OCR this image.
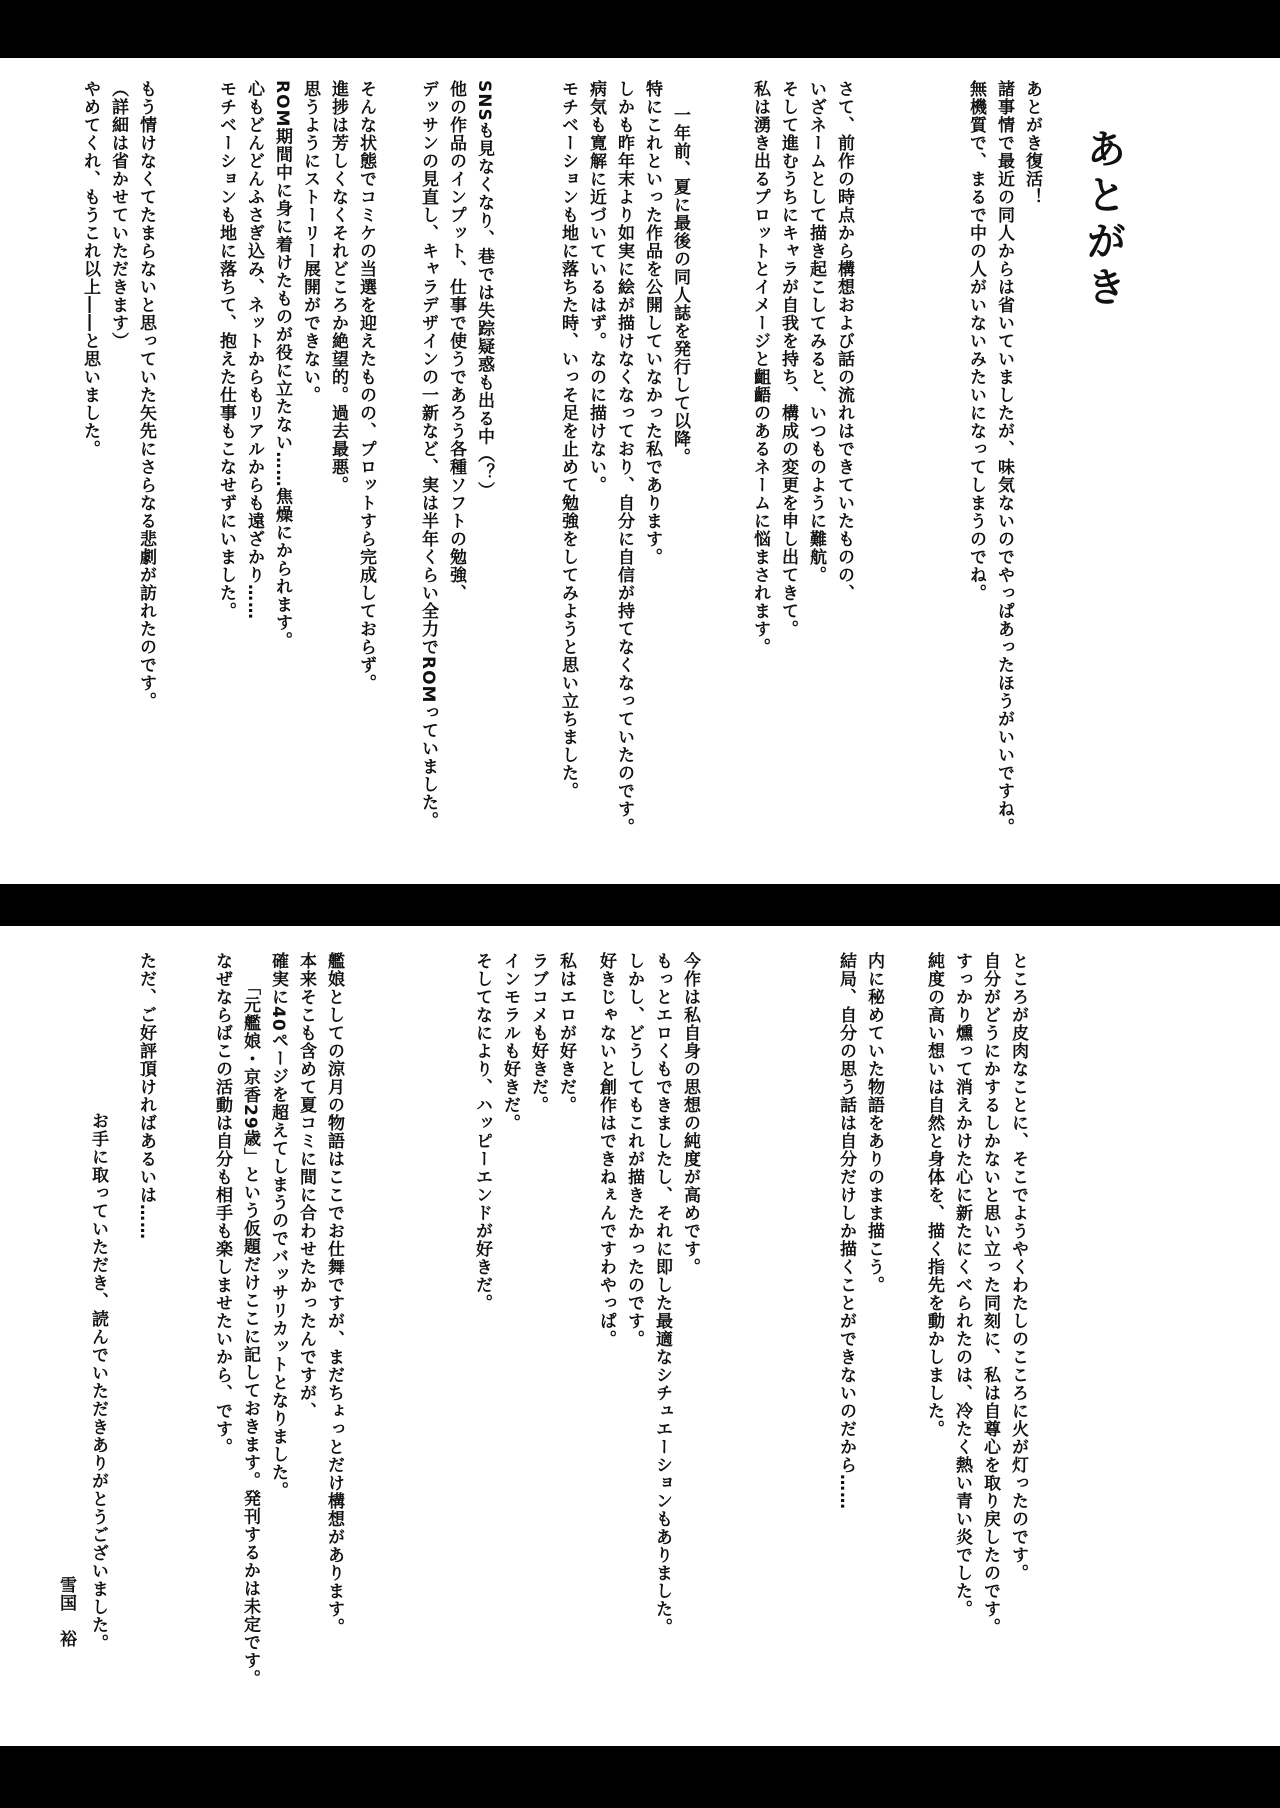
あとがき

あとがき復活！

諸事情で最近の同人からは省いていましたが、味気ないのでやっぱあったほうがいいですね。

無機質で、まるで中の人がいないみたいになってしまうのでね。

さて、前作の時点から構想および話の流れはできていたものの、

いざネームとして描き起こしてみると、いつものように難航。

そして進むうちにキャラが自我を持ち、構成の変更を申し出てきて。

私は湧き出るプロットとイメージと齟齬のあるネームに悩まされます。

一年前、夏に最後の同人誌を発行して以降。

特にこれといった作品を公開していなかった私であります。

しかも昨年末より如実に絵が描けなくなっており、自分に自信が持てなくなっていたのです。

病気も寛解に近づいているはず。なのに描けない。

モチベーションも地に落ちた時、いっそ足を止めて勉強をしてみようと思い立ちました。

SNSも見なくなり、巷では失踪疑惑も出る中（？）

他の作品のインプット、仕事で使うであろう各種ソフトの勉強、

デッサンの見直し、キャラデザインの一新など、実は半年くらい全力でROMっていました。

そんな状態でコミケの当選を迎えたものの、プロットすら完成しておらず。

進捗は芳しくなくそれどころか絶望的。過去最悪。

思うようにストーリー展開ができない。

ROM期間中に身に着けたものが役に立たない……焦燥にかられます。

心もどんどんふさぎ込み、ネットからもリアルからも遠ざかり……

モチベーションも地に落ちて、抱えた仕事もこなせずにいました。

もう情けなくてたまらないと思っていた矢先にさらなる悲劇が訪れたのです。

（詳細は省かせていただきます）

やめてくれ、もうこれ以上――と思いました。

ところが皮肉なことに、そこでようやくわたしのこころに火が灯ったのです。

自分がどうにかするしかないと思い立った同刻に、私は自尊心を取り戻したのです。

すっかり燻って消えかけた心に新たにくべられたのは、冷たく熱い青い炎でした。

純度の高い想いは自然と身体を、描く指先を動かしました。

内に秘めていた物語をありのまま描こう。

結局、自分の思う話は自分だけしか描くことができないのだから……

今作は私自身の思想の純度が高めです。

もっとエロくもできましたし、それに即した最適なシチュエーションもありました。

しかし、どうしてもこれが描きたかったのです。

好きじゃないと創作はできねぇんですわやっぱ。

私はエロが好きだ。

ラブコメも好きだ。

インモラルも好きだ。

そしてなにより、ハッピーエンドが好きだ。

艦娘としての涼月の物語はここでお仕舞ですが、まだちょっとだけ構想があります。

本来そこも含めて夏コミに間に合わせたかったんですが、

確実に40ページを超えてしまうのでバッサリカットとなりました。

「元艦娘・京香29歳」という仮題だけここに記しておきます。発刊するかは未定です。

なぜならばこの活動は自分も相手も楽しませたいから、です。

ただ、ご好評頂ければあるいは……

お手に取っていただき、読んでいただきありがとうございました。

雪国　裕
